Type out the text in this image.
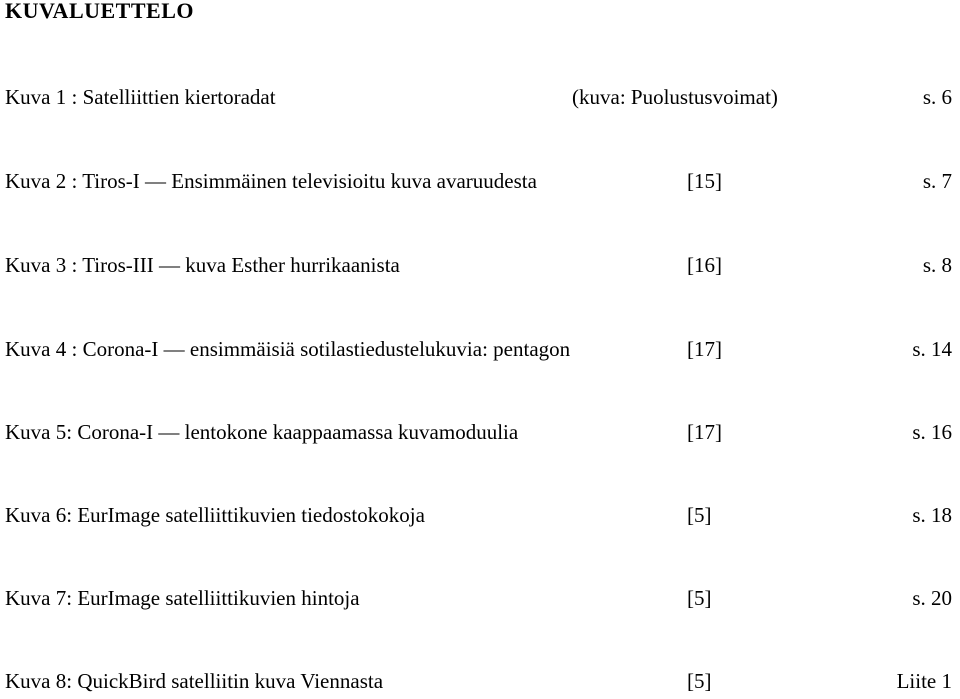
KUVALUETTELO
Kuva 1 : Satelliittien kiertoradat	(kuva: Puolustusvoimat)	s. 6
Kuva 2 : Tiros-I — Ensimmäinen televisioitu kuva avaruudesta	[15]	s. 7
Kuva 3 : Tiros-III — kuva Esther hurrikaanista	[16]	s. 8
Kuva 4 : Corona-I — ensimmäisiä sotilastiedustelukuvia: pentagon	[17]	s. 14
Kuva 5: Corona-I — lentokone kaappaamassa kuvamoduulia	[17]	s. 16
Kuva 6: EurImage satelliittikuvien tiedostokokoja	[5]	s. 18
Kuva 7: EurImage satelliittikuvien hintoja	[5]	s. 20
Kuva 8: QuickBird satelliitin kuva Viennasta	[5]	Liite 1
